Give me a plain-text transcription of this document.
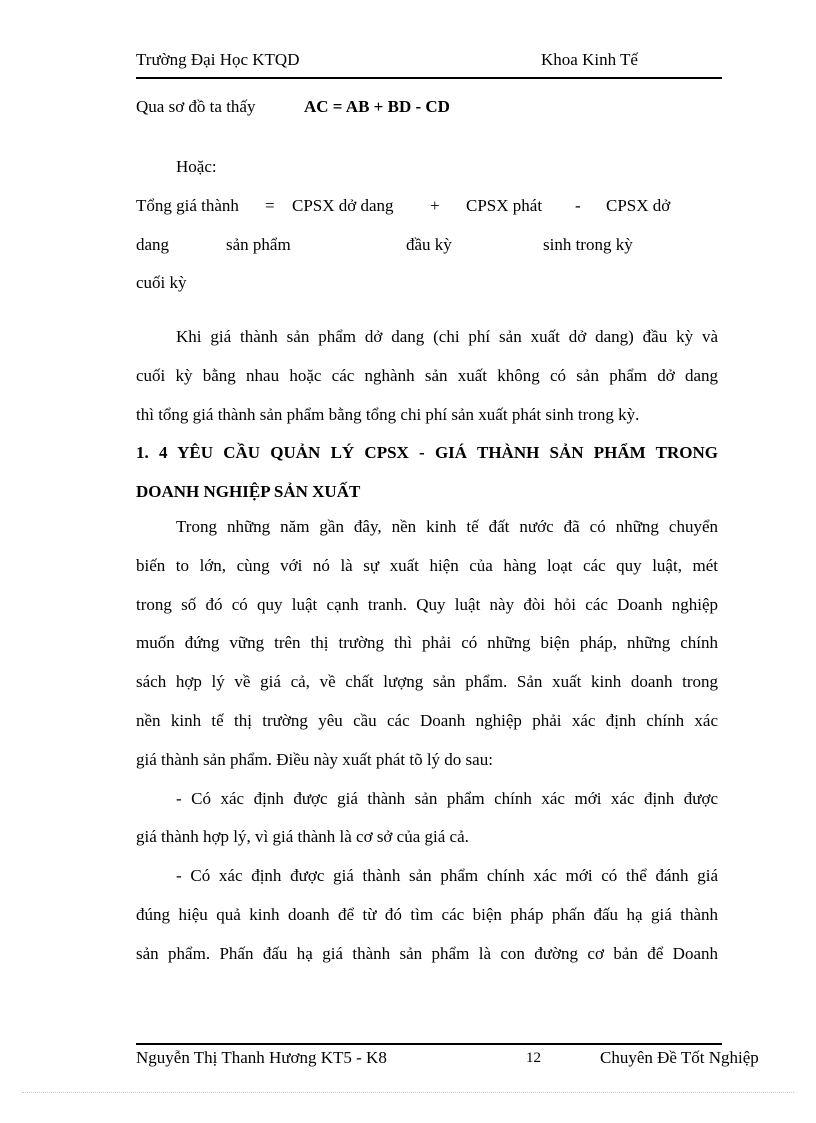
Trường Đại Học KTQD	Khoa Kinh Tế
Qua sơ đồ ta thấy	AC = AB + BD - CD
Hoặc:
Tổng giá thành = CPSX dở dang + CPSX phát - CPSX dở
dang	sản phẩm	đầu kỳ	sinh trong kỳ
cuối kỳ
Khi giá thành sản phẩm dở dang (chi phí sản xuất dở dang) đầu kỳ và
cuối kỳ bằng nhau hoặc các nghành sản xuất không có sản phẩm dở dang
thì tổng giá thành sản phẩm bằng tổng chi phí sản xuất phát sinh trong kỳ.
1. 4 YÊU CẦU QUẢN LÝ CPSX - GIÁ THÀNH SẢN PHẨM TRONG
DOANH NGHIỆP SẢN XUẤT
Trong những năm gần đây, nền kinh tế đất nước đã có những chuyển
biến to lớn, cùng với nó là sự xuất hiện của hàng loạt các quy luật, mét
trong số đó có quy luật cạnh tranh. Quy luật này đòi hỏi các Doanh nghiệp
muốn đứng vững trên thị trường thì phải có những biện pháp, những chính
sách hợp lý về giá cả, về chất lượng sản phẩm. Sản xuất kinh doanh trong
nền kinh tế thị trường yêu cầu các Doanh nghiệp phải xác định chính xác
giá thành sản phẩm. Điều này xuất phát tõ lý do sau:
- Có xác định được giá thành sản phẩm chính xác mới xác định được
giá thành hợp lý, vì giá thành là cơ sở của giá cả.
- Có xác định được giá thành sản phẩm chính xác mới có thể đánh giá
đúng hiệu quả kinh doanh để từ đó tìm các biện pháp phấn đấu hạ giá thành
sản phẩm. Phấn đấu hạ giá thành sản phẩm là con đường cơ bản để Doanh
Nguyễn Thị Thanh Hương KT5 - K8	12	Chuyên Đề Tốt Nghiệp
